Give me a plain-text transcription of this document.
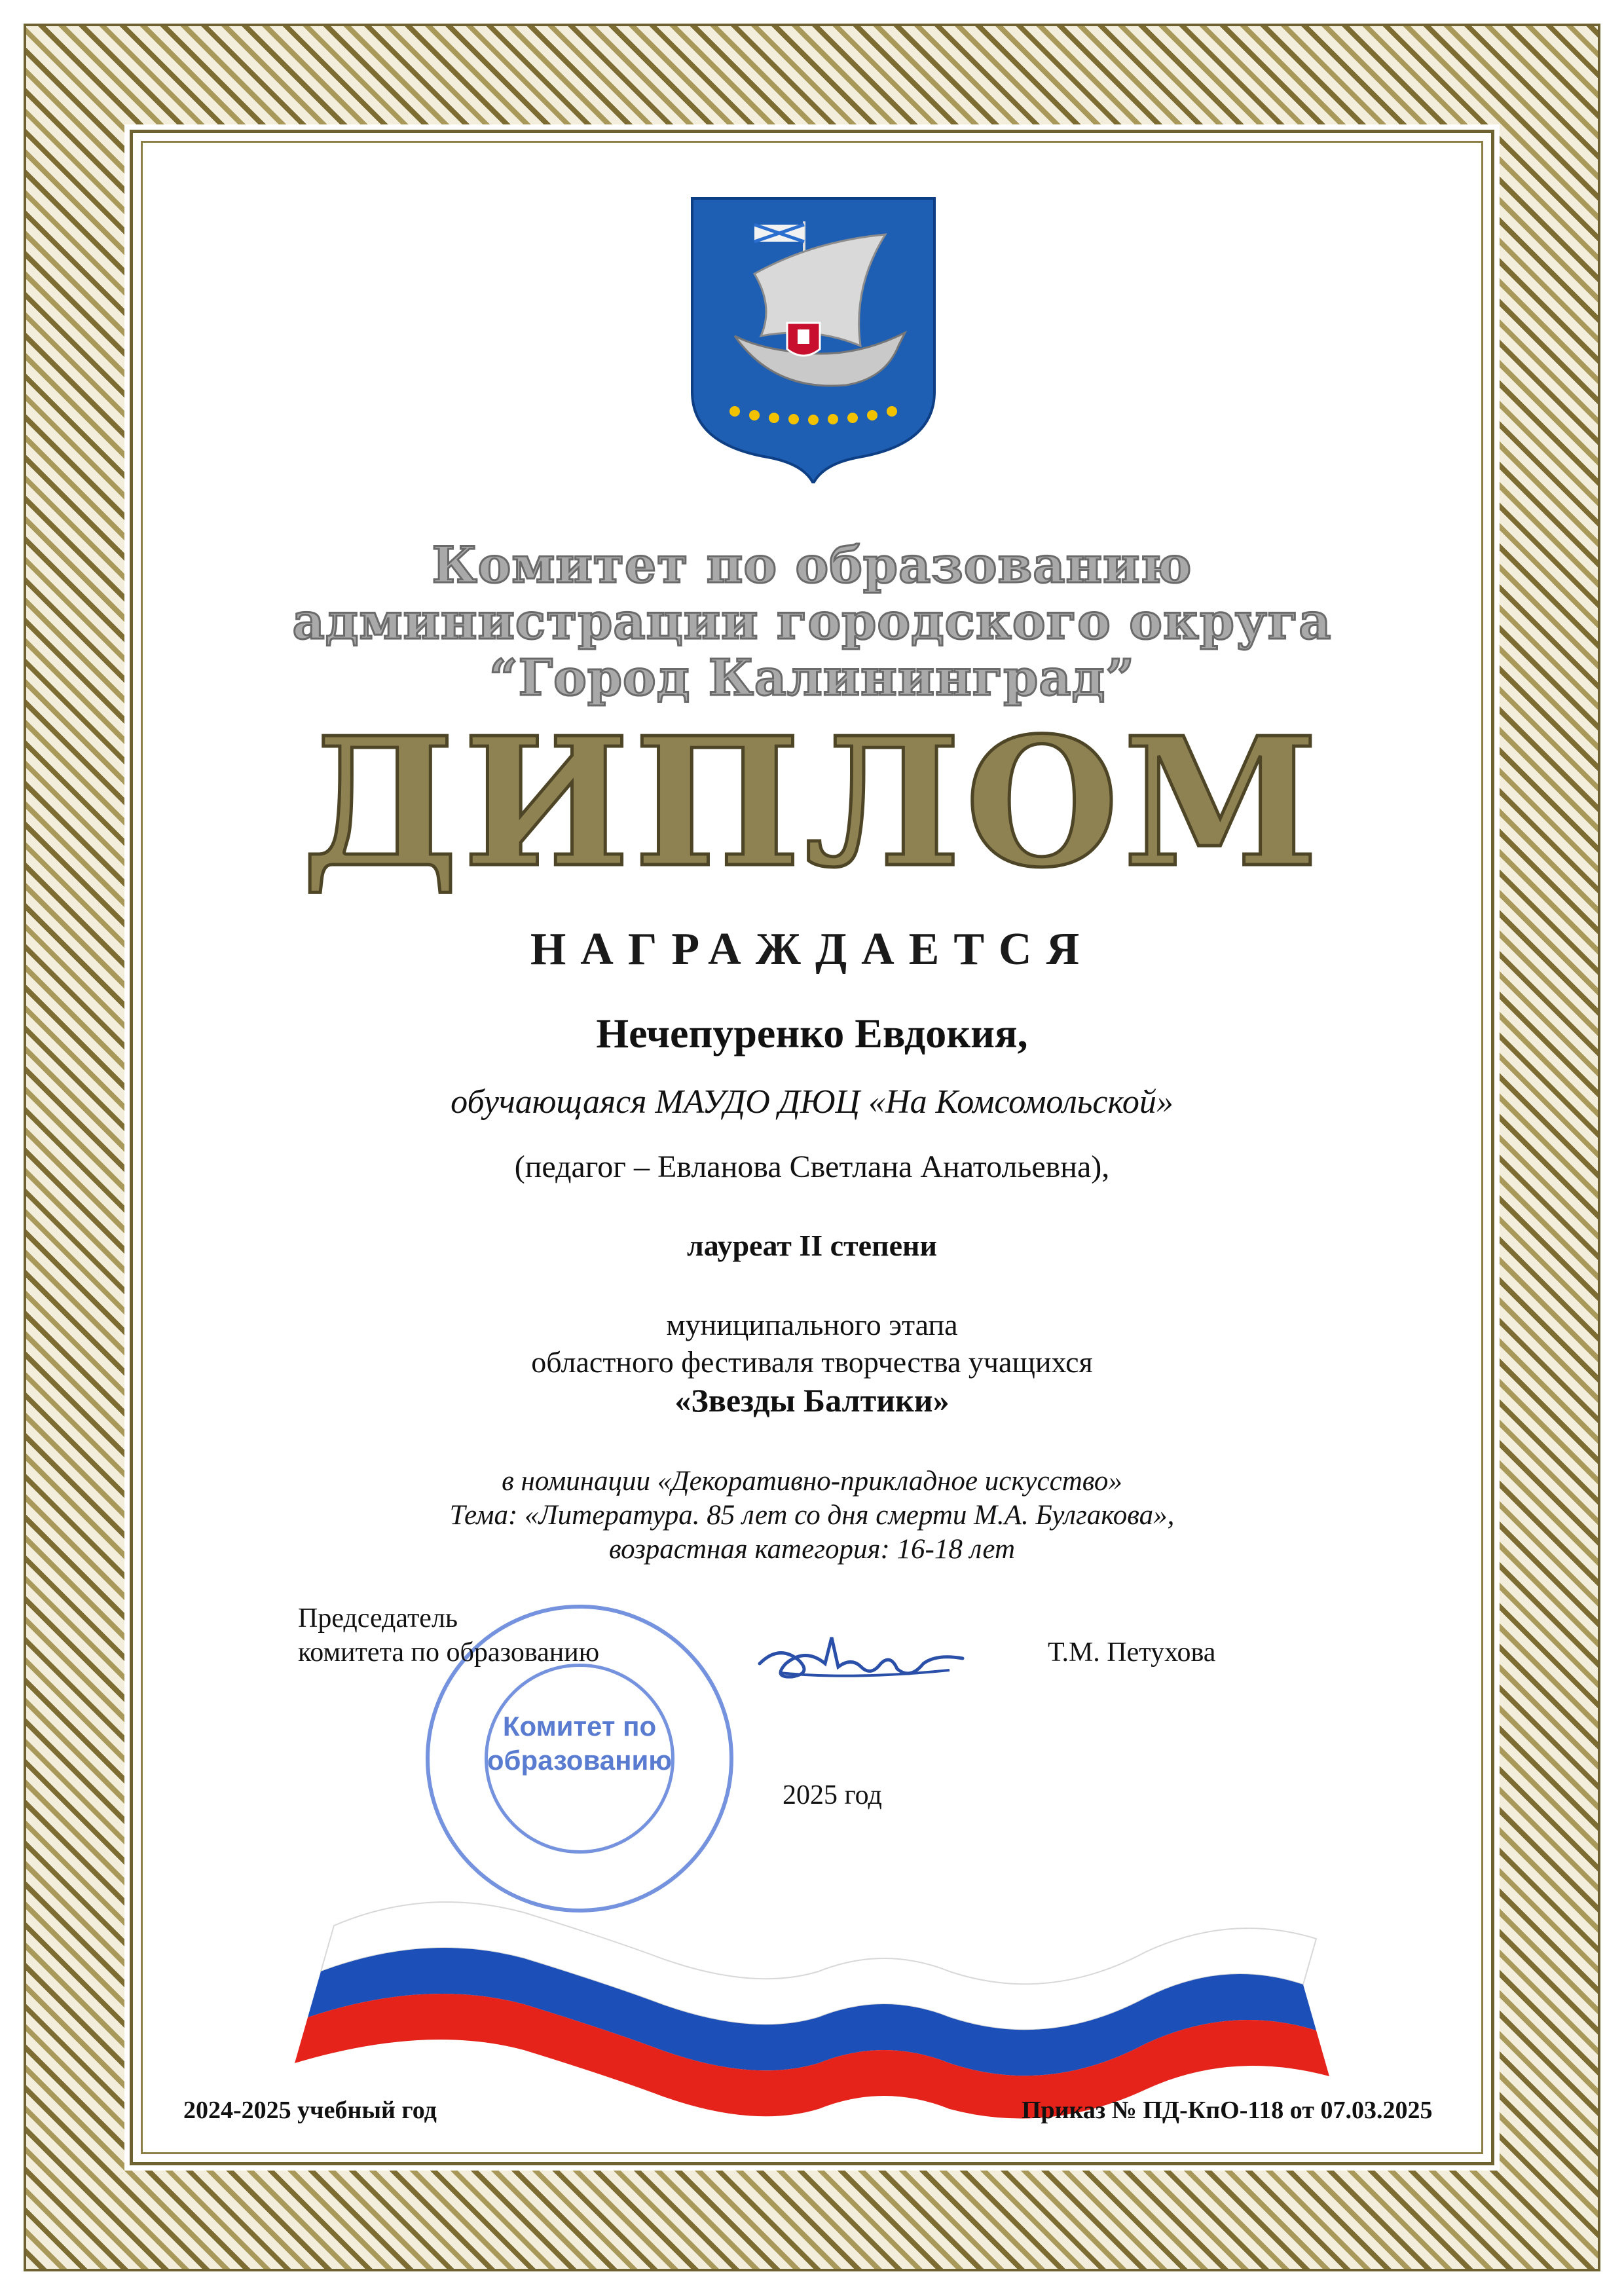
Комитет по образованию
администрации городского округа
“Город Калининград”
ДИПЛОМ
НАГРАЖДАЕТСЯ
Нечепуренко Евдокия,
обучающаяся МАУДО ДЮЦ «На Комсомольской»
(педагог – Евланова Светлана Анатольевна),
лауреат II степени
муниципального этапа
областного фестиваля творчества учащихся
«Звезды Балтики»
в номинации «Декоративно-прикладное искусство»
Тема: «Литература. 85 лет со дня смерти М.А. Булгакова»,
возрастная категория: 16-18 лет
Комитет по образованию
Председатель
комитета по образованию	Т.М. Петухова
2025 год
2024-2025 учебный год	Приказ № ПД-КпО-118 от 07.03.2025
